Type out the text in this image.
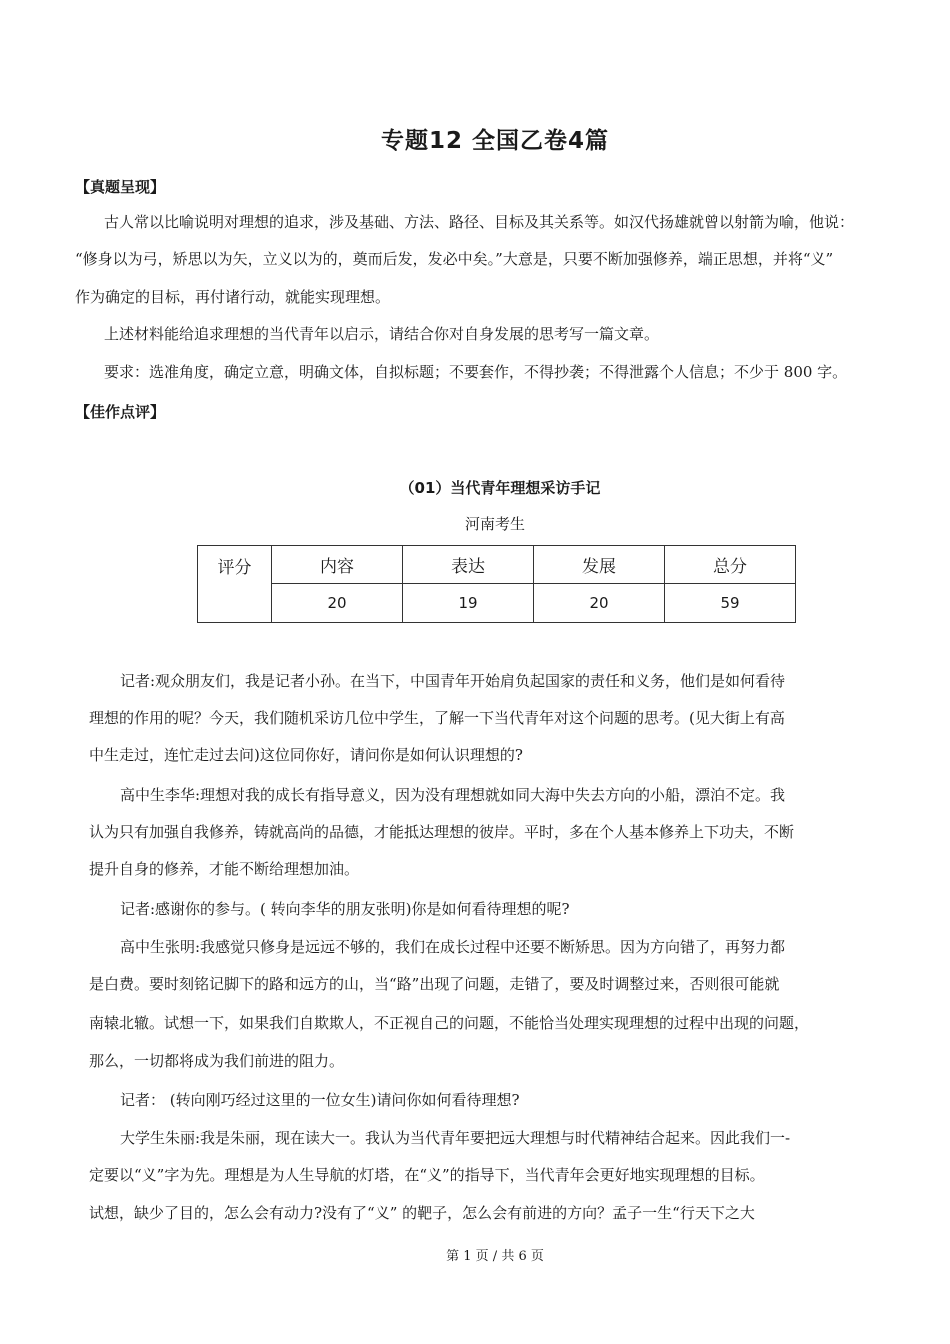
专题12 全国乙卷4篇
【真题呈现】
古人常以比喻说明对理想的追求，涉及基础、方法、路径、目标及其关系等。如汉代扬雄就曾以射箭为喻，他说：
“修身以为弓，矫思以为矢，立义以为的，奠而后发，发必中矣。”大意是，只要不断加强修养，端正思想，并将“义”
作为确定的目标，再付诸行动，就能实现理想。
上述材料能给追求理想的当代青年以启示，请结合你对自身发展的思考写一篇文章。
要求：选准角度，确定立意，明确文体，自拟标题；不要套作，不得抄袭；不得泄露个人信息；不少于 800 字。
【佳作点评】
（01）当代青年理想采访手记
河南考生
评分	内容	表达	发展	总分
	20	19	20	59
记者:观众朋友们，我是记者小孙。在当下，中国青年开始肩负起国家的责任和义务，他们是如何看待
理想的作用的呢？今天，我们随机采访几位中学生，了解一下当代青年对这个问题的思考。(见大街上有高
中生走过，连忙走过去问)这位同你好，请问你是如何认识理想的?
高中生李华:理想对我的成长有指导意义，因为没有理想就如同大海中失去方向的小船，漂泊不定。我
认为只有加强自我修养，铸就高尚的品德，才能抵达理想的彼岸。平时，多在个人基本修养上下功夫，不断
提升自身的修养，才能不断给理想加油。
记者:感谢你的参与。( 转向李华的朋友张明)你是如何看待理想的呢?
高中生张明:我感觉只修身是远远不够的，我们在成长过程中还要不断矫思。因为方向错了，再努力都
是白费。要时刻铭记脚下的路和远方的山，当“路”出现了问题，走错了，要及时调整过来，否则很可能就
南辕北辙。试想一下，如果我们自欺欺人，不正视自己的问题，不能恰当处理实现理想的过程中出现的问题，
那么，一切都将成为我们前进的阻力。
记者： (转向刚巧经过这里的一位女生)请问你如何看待理想?
大学生朱丽:我是朱丽，现在读大一。我认为当代青年要把远大理想与时代精神结合起来。因此我们一-
定要以“义”字为先。理想是为人生导航的灯塔，在“义”的指导下，当代青年会更好地实现理想的目标。
试想，缺少了目的，怎么会有动力?没有了“义” 的靶子，怎么会有前进的方向？孟子一生“行天下之大
第 1 页 / 共 6 页
